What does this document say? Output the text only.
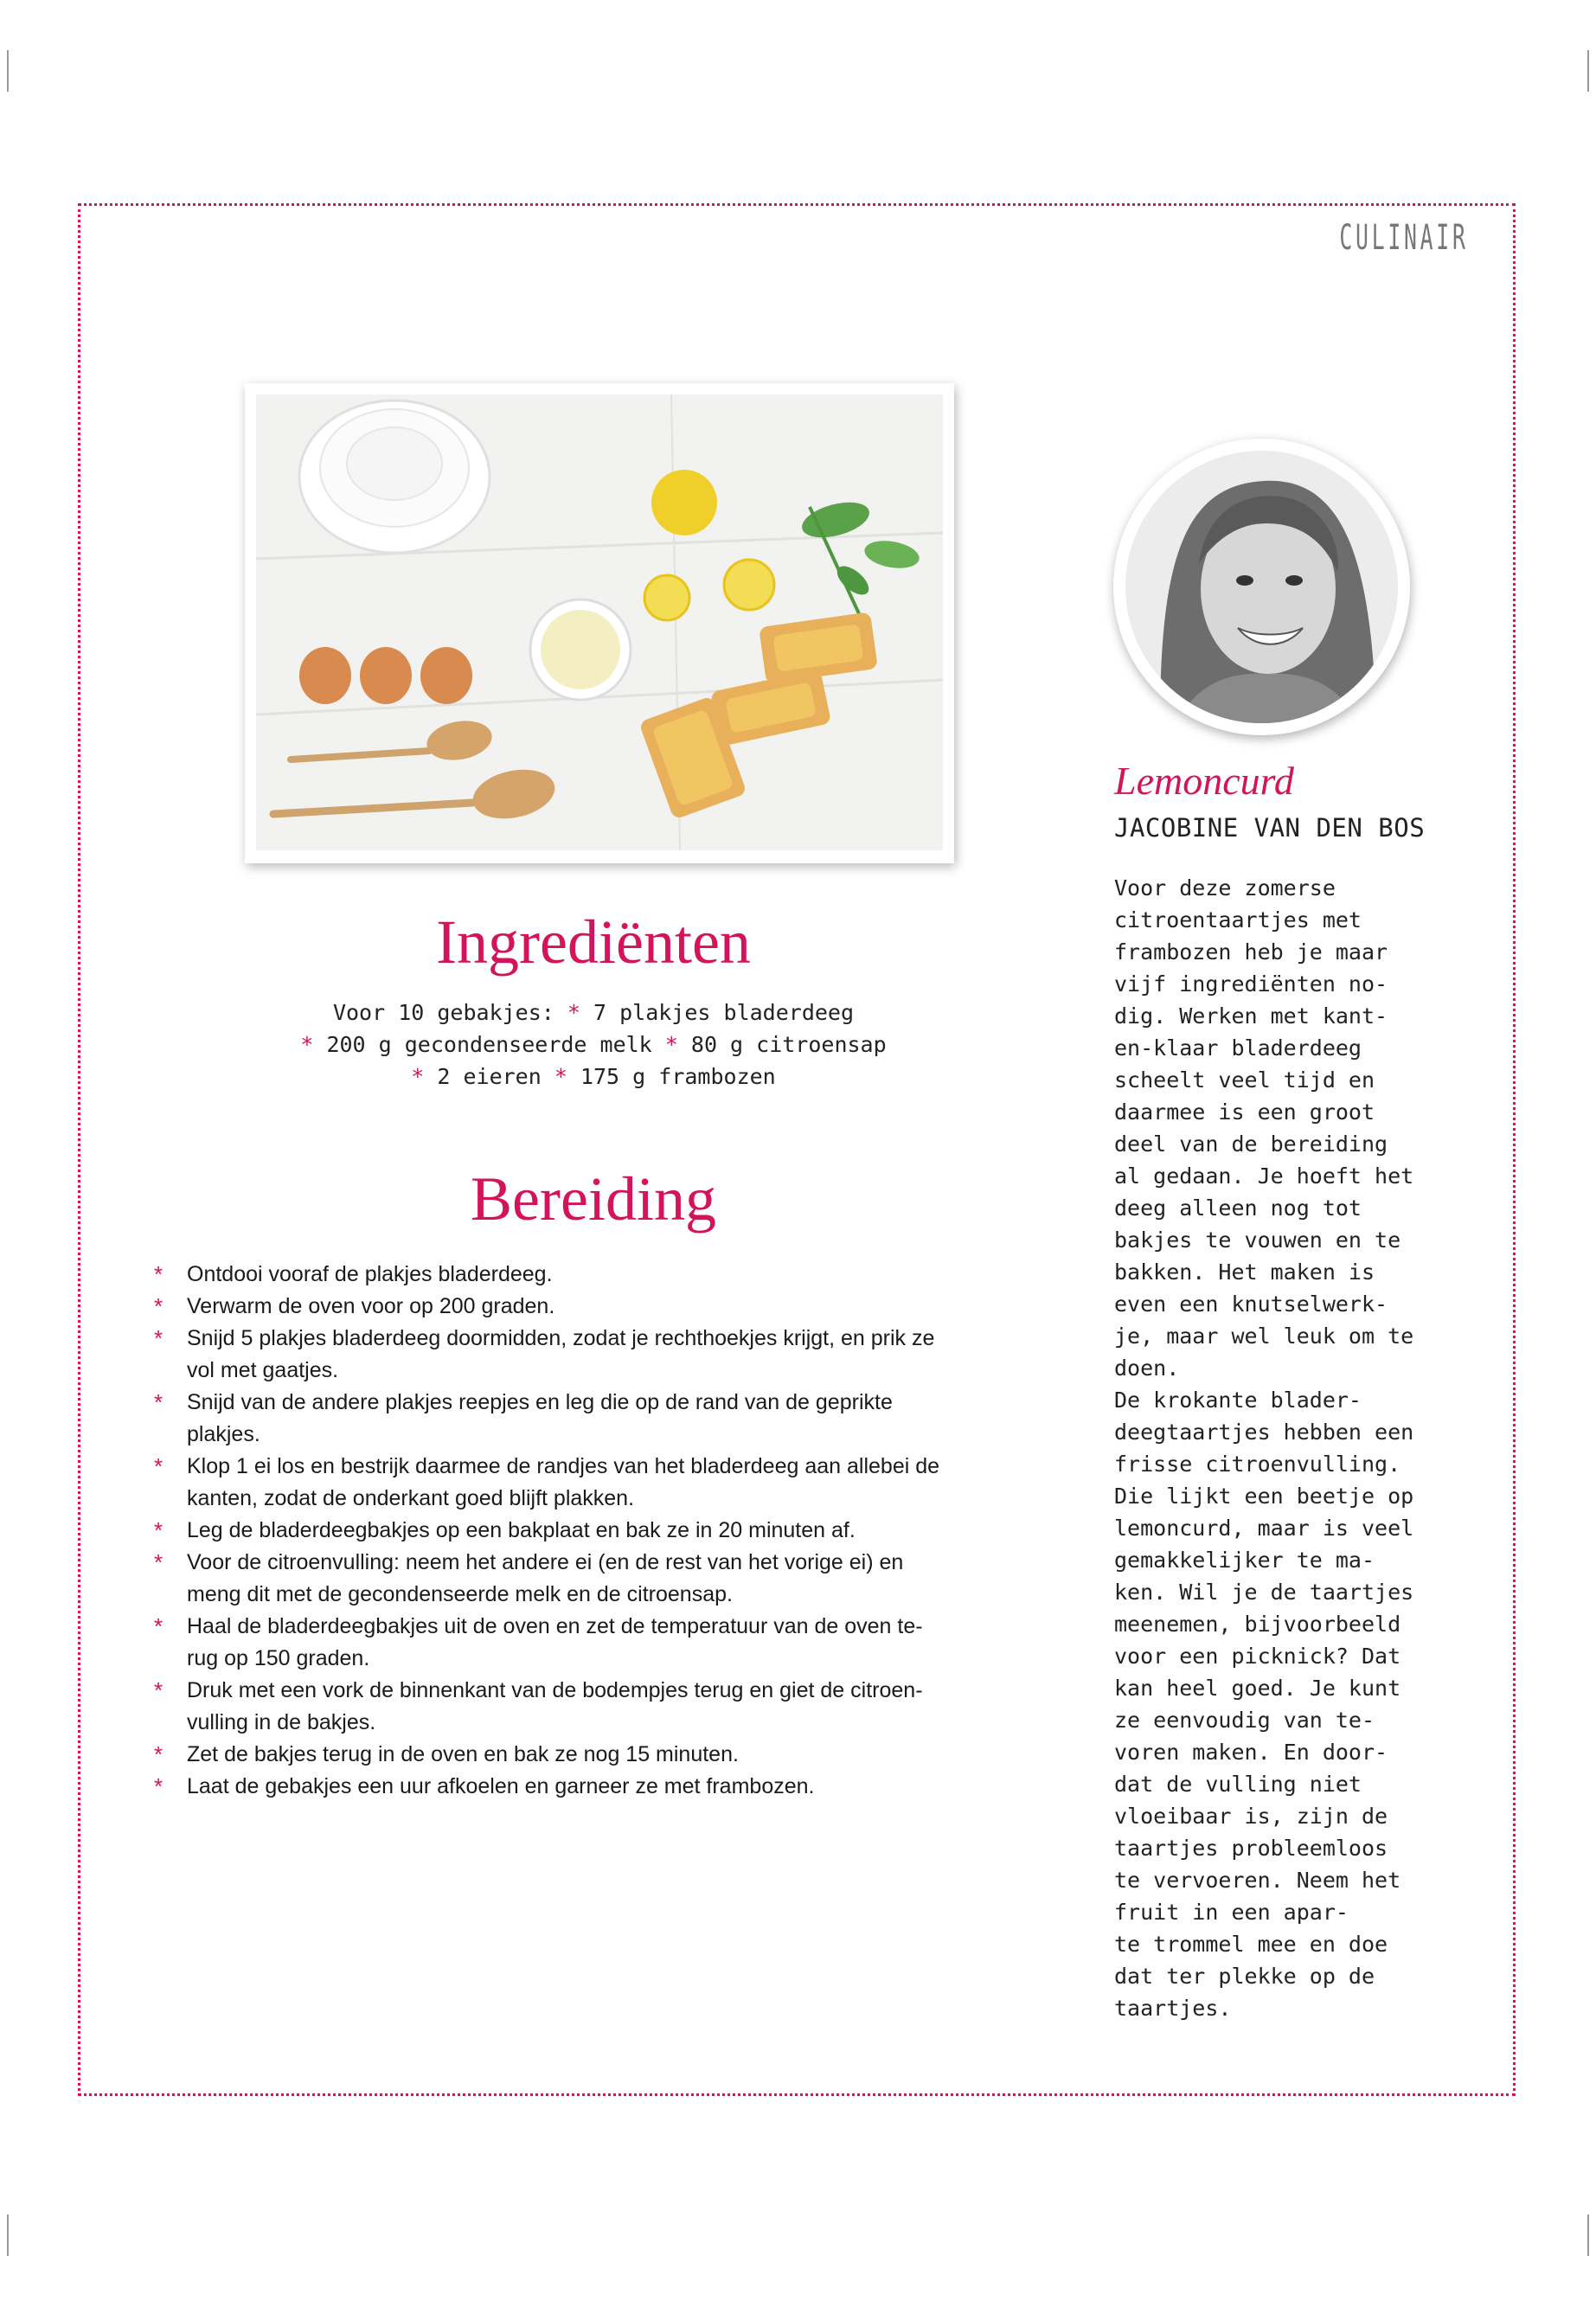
CULINAIR
Ingrediënten
Voor 10 gebakjes: * 7 plakjes bladerdeeg
* 200 g gecondenseerde melk * 80 g citroensap
* 2 eieren * 175 g frambozen
Bereiding
* Ontdooi vooraf de plakjes bladerdeeg.
* Verwarm de oven voor op 200 graden.
* Snijd 5 plakjes bladerdeeg doormidden, zodat je rechthoekjes krijgt, en prik ze
vol met gaatjes.
* Snijd van de andere plakjes reepjes en leg die op de rand van de geprikte
plakjes.
* Klop 1 ei los en bestrijk daarmee de randjes van het bladerdeeg aan allebei de
kanten, zodat de onderkant goed blijft plakken.
* Leg de bladerdeegbakjes op een bakplaat en bak ze in 20 minuten af.
* Voor de citroenvulling: neem het andere ei (en de rest van het vorige ei) en
meng dit met de gecondenseerde melk en de citroensap.
* Haal de bladerdeegbakjes uit de oven en zet de temperatuur van de oven te-
rug op 150 graden.
* Druk met een vork de binnenkant van de bodempjes terug en giet de citroen-
vulling in de bakjes.
* Zet de bakjes terug in de oven en bak ze nog 15 minuten.
* Laat de gebakjes een uur afkoelen en garneer ze met frambozen.
Lemoncurd
JACOBINE VAN DEN BOS
Voor deze zomerse
citroentaartjes met
frambozen heb je maar
vijf ingrediënten no-
dig. Werken met kant-
en-klaar bladerdeeg
scheelt veel tijd en
daarmee is een groot
deel van de bereiding
al gedaan. Je hoeft het
deeg alleen nog tot
bakjes te vouwen en te
bakken. Het maken is
even een knutselwerk-
je, maar wel leuk om te
doen.
De krokante blader-
deegtaartjes hebben een
frisse citroenvulling.
Die lijkt een beetje op
lemoncurd, maar is veel
gemakkelijker te ma-
ken. Wil je de taartjes
meenemen, bijvoorbeeld
voor een picknick? Dat
kan heel goed. Je kunt
ze eenvoudig van te-
voren maken. En door-
dat de vulling niet
vloeibaar is, zijn de
taartjes probleemloos
te vervoeren. Neem het
fruit in een apar-
te trommel mee en doe
dat ter plekke op de
taartjes.
